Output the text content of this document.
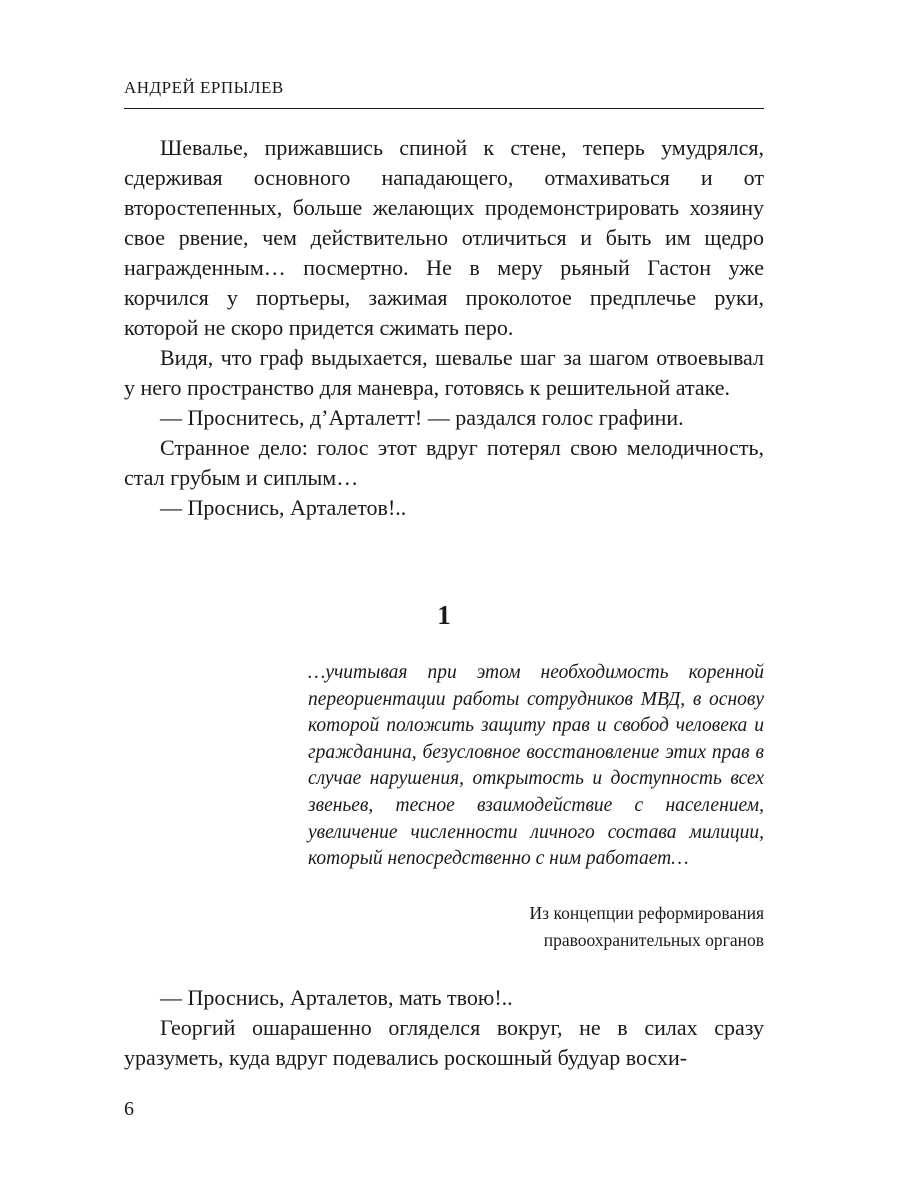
АНДРЕЙ ЕРПЫЛЕВ

Шевалье, прижавшись спиной к стене, теперь умудрялся, сдерживая основного нападающего, отмахиваться и от второстепенных, больше желающих продемонстрировать хозяину свое рвение, чем действительно отличиться и быть им щедро награжденным… посмертно. Не в меру рьяный Гастон уже корчился у портьеры, зажимая проколотое предплечье руки, которой не скоро придется сжимать перо.

Видя, что граф выдыхается, шевалье шаг за шагом отвоевывал у него пространство для маневра, готовясь к решительной атаке.

— Проснитесь, д’Арталетт! — раздался голос графини.

Странное дело: голос этот вдруг потерял свою мелодичность, стал грубым и сиплым…

— Проснись, Арталетов!..

1

…учитывая при этом необходимость коренной переориентации работы сотрудников МВД, в основу которой положить защиту прав и свобод человека и гражданина, безусловное восстановление этих прав в случае нарушения, открытость и доступность всех звеньев, тесное взаимодействие с населением, увеличение численности личного состава милиции, который непосредственно с ним работает…

Из концепции реформирования
правоохранительных органов

— Проснись, Арталетов, мать твою!..

Георгий ошарашенно огляделся вокруг, не в силах сразу уразуметь, куда вдруг подевались роскошный будуар восхи-

6
